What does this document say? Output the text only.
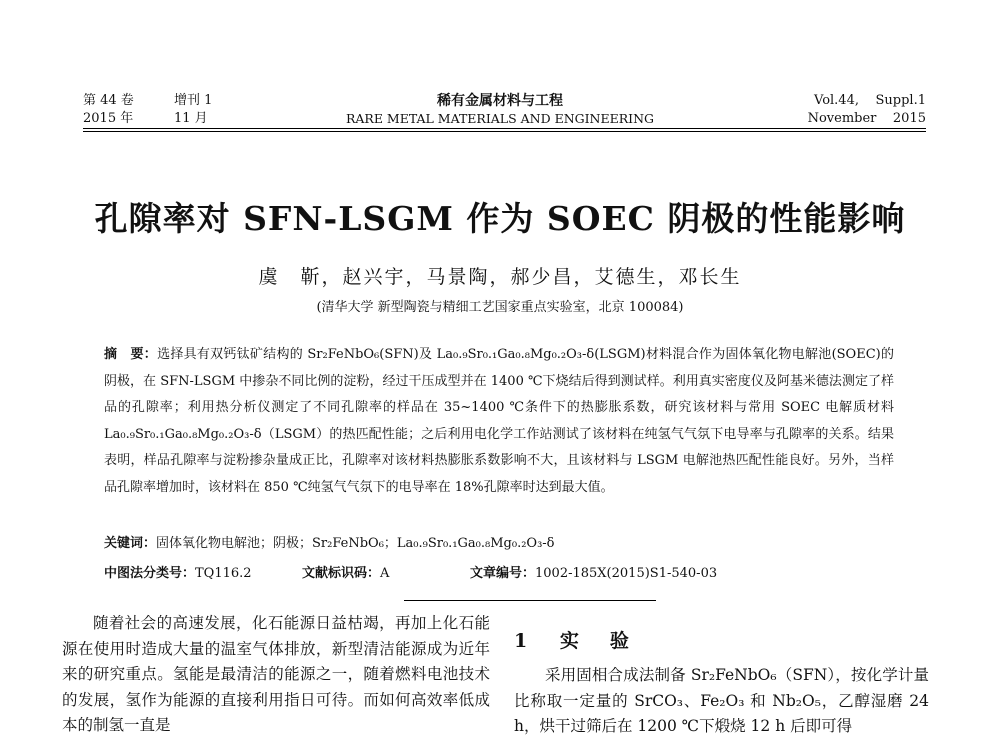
第 44 卷
2015 年
增刊 1
11 月
稀有金属材料与工程
RARE METAL MATERIALS AND ENGINEERING
Vol.44,    Suppl.1
November    2015
孔隙率对 SFN-LSGM 作为 SOEC 阴极的性能影响
虞　靳，赵兴宇，马景陶，郝少昌，艾德生，邓长生
(清华大学 新型陶瓷与精细工艺国家重点实验室，北京 100084)
摘　要：选择具有双钙钛矿结构的 Sr₂FeNbO₆(SFN)及 La₀.₉Sr₀.₁Ga₀.₈Mg₀.₂O₃-δ(LSGM)材料混合作为固体氧化物电解池(SOEC)的阴极，在 SFN-LSGM 中掺杂不同比例的淀粉，经过干压成型并在 1400 ℃下烧结后得到测试样。利用真实密度仪及阿基米德法测定了样品的孔隙率；利用热分析仪测定了不同孔隙率的样品在 35~1400 ℃条件下的热膨胀系数，研究该材料与常用 SOEC 电解质材料 La₀.₉Sr₀.₁Ga₀.₈Mg₀.₂O₃-δ（LSGM）的热匹配性能；之后利用电化学工作站测试了该材料在纯氢气气氛下电导率与孔隙率的关系。结果表明，样品孔隙率与淀粉掺杂量成正比，孔隙率对该材料热膨胀系数影响不大，且该材料与 LSGM 电解池热匹配性能良好。另外，当样品孔隙率增加时，该材料在 850 ℃纯氢气气氛下的电导率在 18%孔隙率时达到最大值。
关键词：固体氧化物电解池；阴极；Sr₂FeNbO₆；La₀.₉Sr₀.₁Ga₀.₈Mg₀.₂O₃-δ
中图法分类号：TQ116.2	文献标识码：A	文章编号：1002-185X(2015)S1-540-03

随着社会的高速发展，化石能源日益枯竭，再加上化石能源在使用时造成大量的温室气体排放，新型清洁能源成为近年来的研究重点。氢能是最清洁的能源之一，随着燃料电池技术的发展，氢作为能源的直接利用指日可待。而如何高效率低成本的制氢一直是

1 实　验

采用固相合成法制备 Sr₂FeNbO₆（SFN），按化学计量比称取一定量的 SrCO₃、Fe₂O₃ 和 Nb₂O₅，乙醇湿磨 24 h，烘干过筛后在 1200 ℃下煅烧 12 h 后即可得
